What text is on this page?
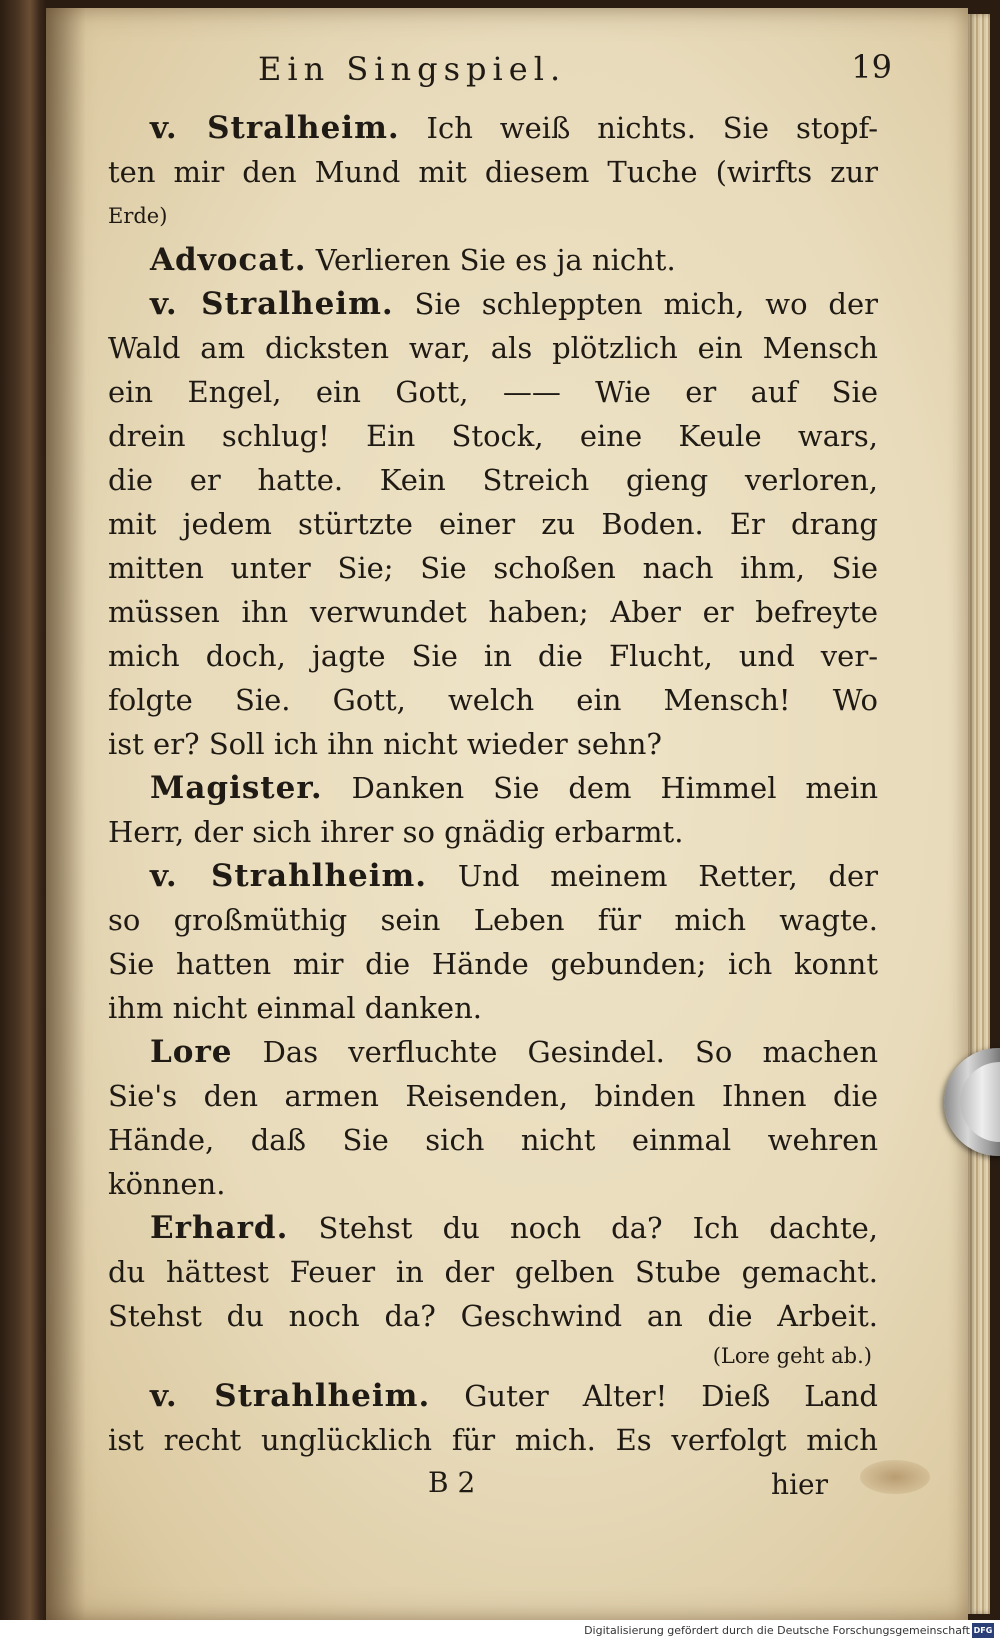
Ein Singspiel.	19
v. Stralheim. Ich weiß nichts. Sie stopf-
ten mir den Mund mit diesem Tuche (wirfts zur
Erde)
Advocat. Verlieren Sie es ja nicht.
v. Stralheim. Sie schleppten mich, wo der
Wald am dicksten war, als plötzlich ein Mensch
ein Engel, ein Gott, —— Wie er auf Sie
drein schlug! Ein Stock, eine Keule wars,
die er hatte. Kein Streich gieng verloren,
mit jedem stürtzte einer zu Boden. Er drang
mitten unter Sie; Sie schoßen nach ihm, Sie
müssen ihn verwundet haben; Aber er befreyte
mich doch, jagte Sie in die Flucht, und ver-
folgte Sie. Gott, welch ein Mensch! Wo
ist er? Soll ich ihn nicht wieder sehn?
Magister. Danken Sie dem Himmel mein
Herr, der sich ihrer so gnädig erbarmt.
v. Strahlheim. Und meinem Retter, der
so großmüthig sein Leben für mich wagte.
Sie hatten mir die Hände gebunden; ich konnt
ihm nicht einmal danken.
Lore Das verfluchte Gesindel. So machen
Sie's den armen Reisenden, binden Ihnen die
Hände, daß Sie sich nicht einmal wehren
können.
Erhard. Stehst du noch da? Ich dachte,
du hättest Feuer in der gelben Stube gemacht.
Stehst du noch da? Geschwind an die Arbeit.
(Lore geht ab.)
v. Strahlheim. Guter Alter! Dieß Land
ist recht unglücklich für mich. Es verfolgt mich
B 2	hier
Digitalisierung gefördert durch die Deutsche Forschungsgemeinschaft DFG
